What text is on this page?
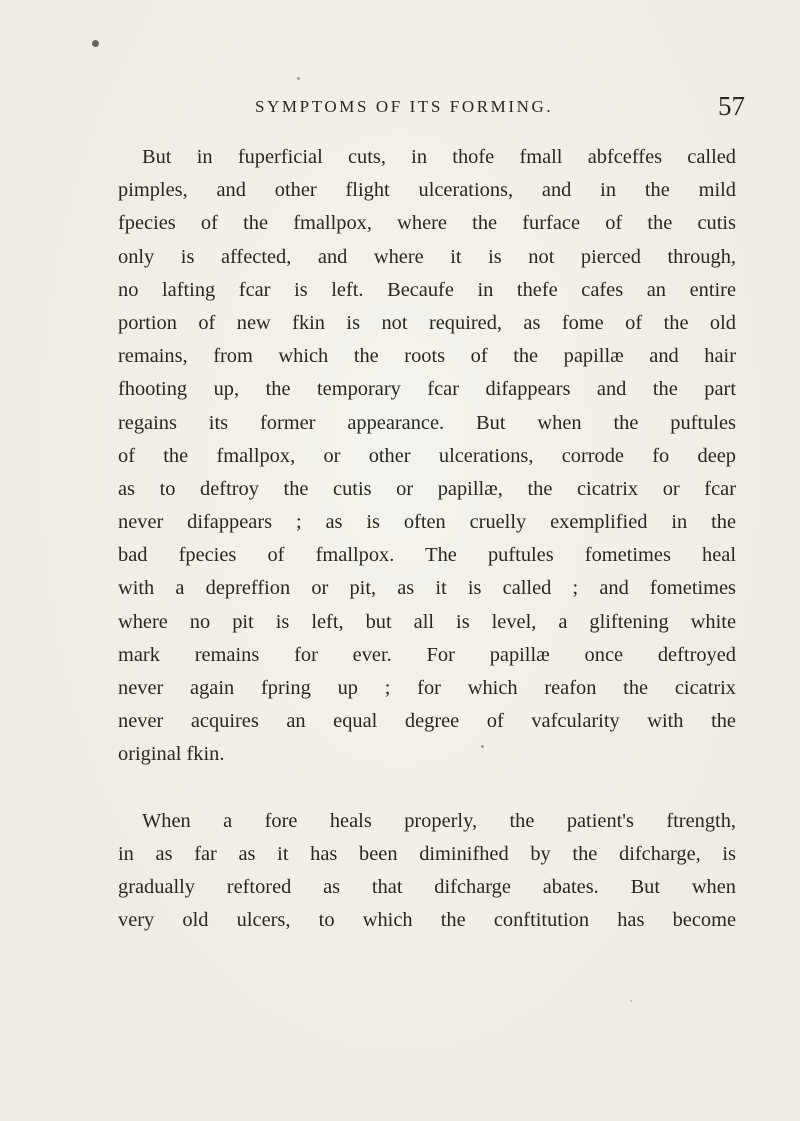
SYMPTOMS OF ITS FORMING.	57
But in fuperficial cuts, in thofe fmall abfceffes called
pimples, and other flight ulcerations, and in the mild
fpecies of the fmallpox, where the furface of the cutis
only is affected, and where it is not pierced through,
no lafting fcar is left. Becaufe in thefe cafes an entire
portion of new fkin is not required, as fome of the old
remains, from which the roots of the papillæ and hair
fhooting up, the temporary fcar difappears and the part
regains its former appearance. But when the puftules
of the fmallpox, or other ulcerations, corrode fo deep
as to deftroy the cutis or papillæ, the cicatrix or fcar
never difappears ; as is often cruelly exemplified in the
bad fpecies of fmallpox. The puftules fometimes heal
with a depreffion or pit, as it is called ; and fometimes
where no pit is left, but all is level, a gliftening white
mark remains for ever. For papillæ once deftroyed
never again fpring up ; for which reafon the cicatrix
never acquires an equal degree of vafcularity with the
original fkin.
When a fore heals properly, the patient's ftrength,
in as far as it has been diminifhed by the difcharge, is
gradually reftored as that difcharge abates. But when
very old ulcers, to which the conftitution has become
